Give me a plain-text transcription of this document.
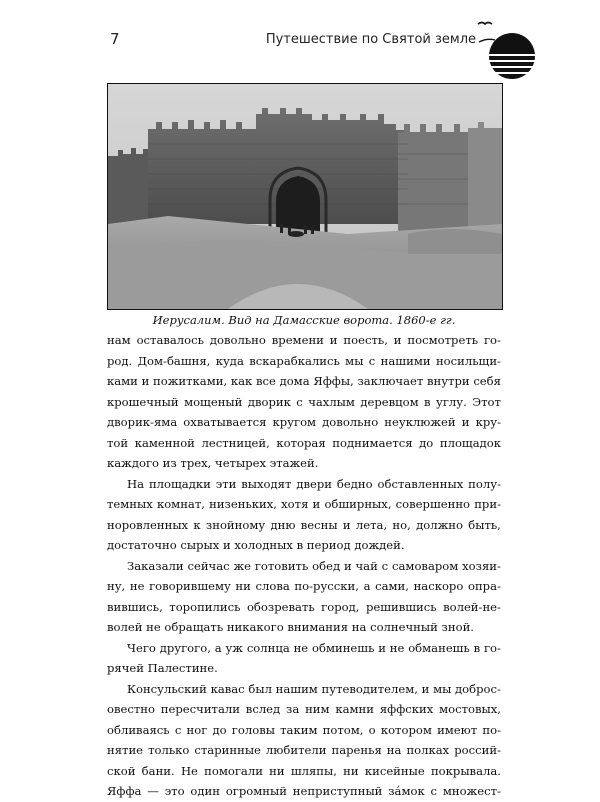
7	Путешествие по Святой земле
Иерусалим. Вид на Дамасские ворота. 1860-е гг.
нам оставалось довольно времени и поесть, и посмотреть го-
род. Дом-башня, куда вскарабкались мы с нашими носильщи-
ками и пожитками, как все дома Яффы, заключает внутри себя
крошечный мощеный дворик с чахлым деревцом в углу. Этот
дворик-яма охватывается кругом довольно неуклюжей и кру-
той каменной лестницей, которая поднимается до площадок
каждого из трех, четырех этажей.
На площадки эти выходят двери бедно обставленных полу-
темных комнат, низеньких, хотя и обширных, совершенно при-
норовленных к знойному дню весны и лета, но, должно быть,
достаточно сырых и холодных в период дождей.
Заказали сейчас же готовить обед и чай с самоваром хозяи-
ну, не говорившему ни слова по-русски, а сами, наскоро опра-
вившись, торопились обозревать город, решившись волей-не-
волей не обращать никакого внимания на солнечный зной.
Чего другого, а уж солнца не обминешь и не обманешь в го-
рячей Палестине.
Консульский кавас был нашим путеводителем, и мы доброс-
овестно пересчитали вслед за ним камни яффских мостовых,
обливаясь с ног до головы таким потом, о котором имеют по-
нятие только старинные любители паренья на полках россий-
ской бани. Не помогали ни шляпы, ни кисейные покрывала.
Яффа — это один огромный неприступный зáмок с множест-
